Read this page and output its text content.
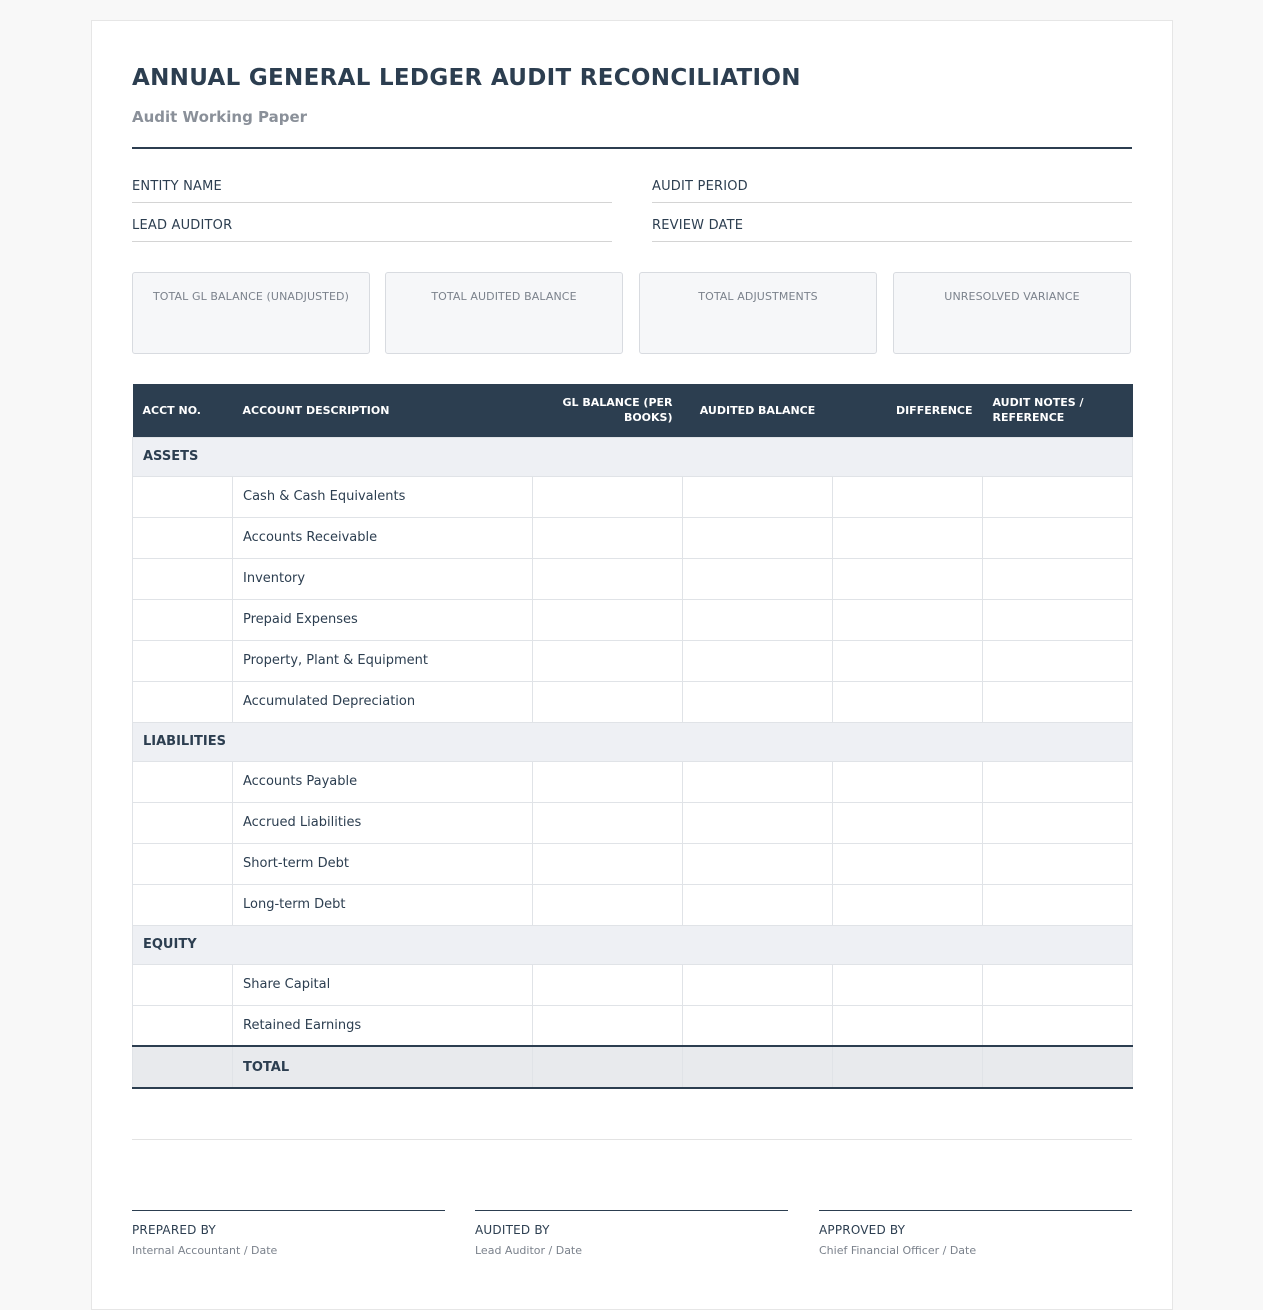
ANNUAL GENERAL LEDGER AUDIT RECONCILIATION
Audit Working Paper
ENTITY NAME	AUDIT PERIOD
LEAD AUDITOR	REVIEW DATE
TOTAL GL BALANCE (UNADJUSTED)	TOTAL AUDITED BALANCE	TOTAL ADJUSTMENTS	UNRESOLVED VARIANCE
ACCT NO.	ACCOUNT DESCRIPTION	GL BALANCE (PER BOOKS)	AUDITED BALANCE	DIFFERENCE	AUDIT NOTES / REFERENCE
ASSETS					
	Cash & Cash Equivalents				
	Accounts Receivable				
	Inventory				
	Prepaid Expenses				
	Property, Plant & Equipment				
	Accumulated Depreciation				
LIABILITIES					
	Accounts Payable				
	Accrued Liabilities				
	Short-term Debt				
	Long-term Debt				
EQUITY					
	Share Capital				
	Retained Earnings				
	TOTAL				
PREPARED BY
Internal Accountant / Date
AUDITED BY
Lead Auditor / Date
APPROVED BY
Chief Financial Officer / Date
